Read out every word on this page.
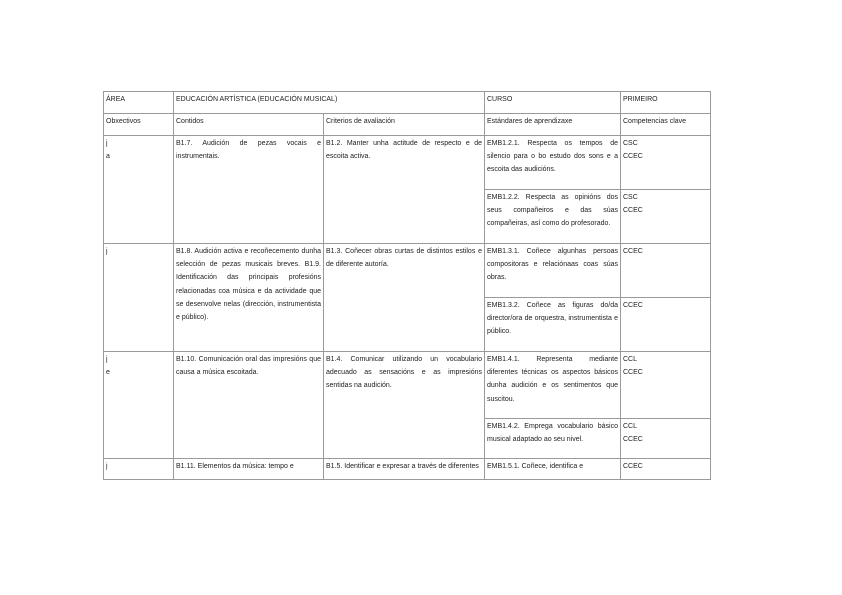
ÁREA	EDUCACIÓN ARTÍSTICA (EDUCACIÓN MUSICAL)		CURSO	PRIMEIRO
Obxectivos	Contidos	Criterios de avaliación	Estándares de aprendizaxe	Competencias clave

j
a	B1.7. Audición de pezas vocais e instrumentais.	B1.2. Manter unha actitude de respecto e de escoita activa.	EMB1.2.1. Respecta os tempos de silencio para o bo estudo dos sons e a escoita das audicións.	CSC
CCEC

			EMB1.2.2. Respecta as opinións dos seus compañeiros e das súas compañeiras, así como do profesorado.	CSC
CCEC

j	B1.8. Audición activa e recoñecemento dunha selección de pezas musicais breves. B1.9. Identificación das principais profesións relacionadas coa música e da actividade que se desenvolve nelas (dirección, instrumentista e público).	B1.3. Coñecer obras curtas de distintos estilos e de diferente autoría.	EMB1.3.1. Coñece algunhas persoas compositoras e relaciónaas coas súas obras.	CCEC

			EMB1.3.2. Coñece as figuras do/da director/ora de orquestra, instrumentista e público.	CCEC

j
e	B1.10. Comunicación oral das impresións que causa a música escoitada.	B1.4. Comunicar utilizando un vocabulario adecuado as sensacións e as impresións sentidas na audición.	EMB1.4.1. Representa mediante diferentes técnicas os aspectos básicos dunha audición e os sentimentos que suscitou.	CCL
CCEC

			EMB1.4.2. Emprega vocabulario básico musical adaptado ao seu nivel.	CCL
CCEC

j	B1.11. Elementos da música: tempo e	B1.5. Identificar e expresar a través de diferentes	EMB1.5.1. Coñece, identifica e	CCEC
